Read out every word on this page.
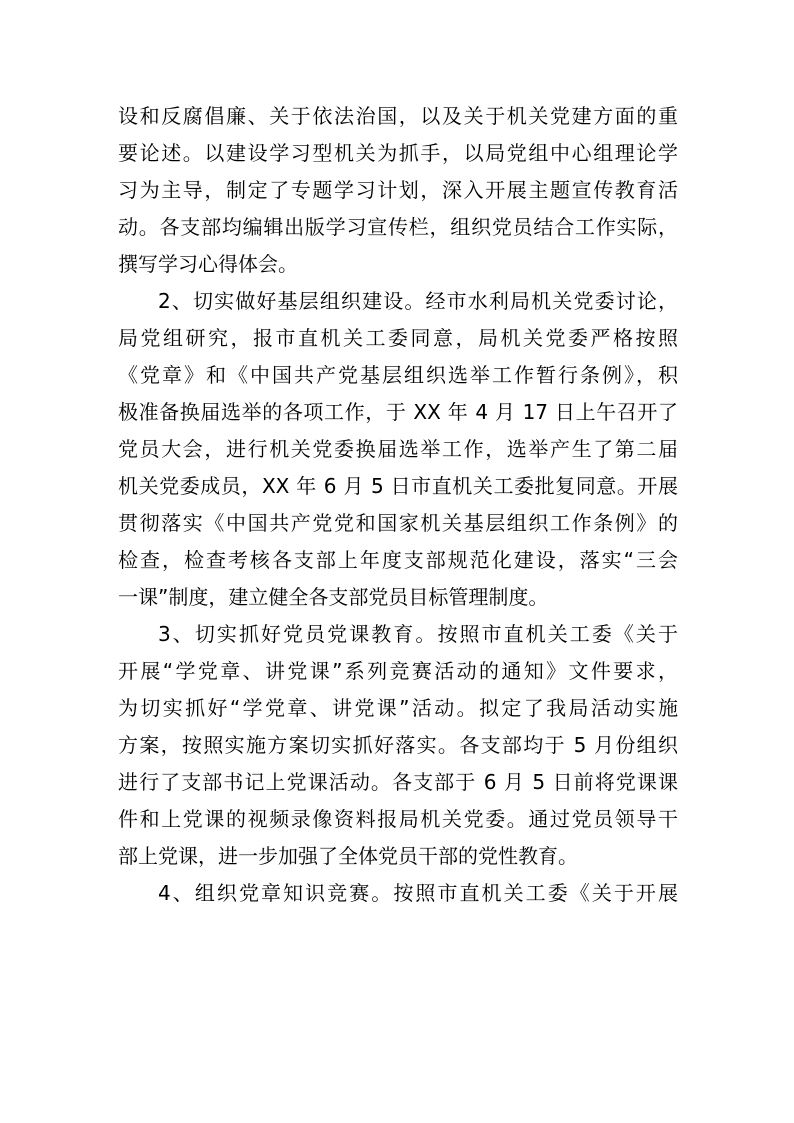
设和反腐倡廉、关于依法治国，以及关于机关党建方面的重
要论述。以建设学习型机关为抓手，以局党组中心组理论学
习为主导，制定了专题学习计划，深入开展主题宣传教育活
动。各支部均编辑出版学习宣传栏，组织党员结合工作实际，
撰写学习心得体会。
2、切实做好基层组织建设。经市水利局机关党委讨论，
局党组研究，报市直机关工委同意，局机关党委严格按照
《党章》和《中国共产党基层组织选举工作暂行条例》，积
极准备换届选举的各项工作，于 XX 年 4 月 17 日上午召开了
党员大会，进行机关党委换届选举工作，选举产生了第二届
机关党委成员，XX 年 6 月 5 日市直机关工委批复同意。开展
贯彻落实《中国共产党党和国家机关基层组织工作条例》的
检查，检查考核各支部上年度支部规范化建设，落实“三会
一课”制度，建立健全各支部党员目标管理制度。
3、切实抓好党员党课教育。按照市直机关工委《关于
开展“学党章、讲党课”系列竞赛活动的通知》文件要求，
为切实抓好“学党章、讲党课”活动。拟定了我局活动实施
方案，按照实施方案切实抓好落实。各支部均于 5 月份组织
进行了支部书记上党课活动。各支部于 6 月 5 日前将党课课
件和上党课的视频录像资料报局机关党委。通过党员领导干
部上党课，进一步加强了全体党员干部的党性教育。
4、组织党章知识竞赛。按照市直机关工委《关于开展
